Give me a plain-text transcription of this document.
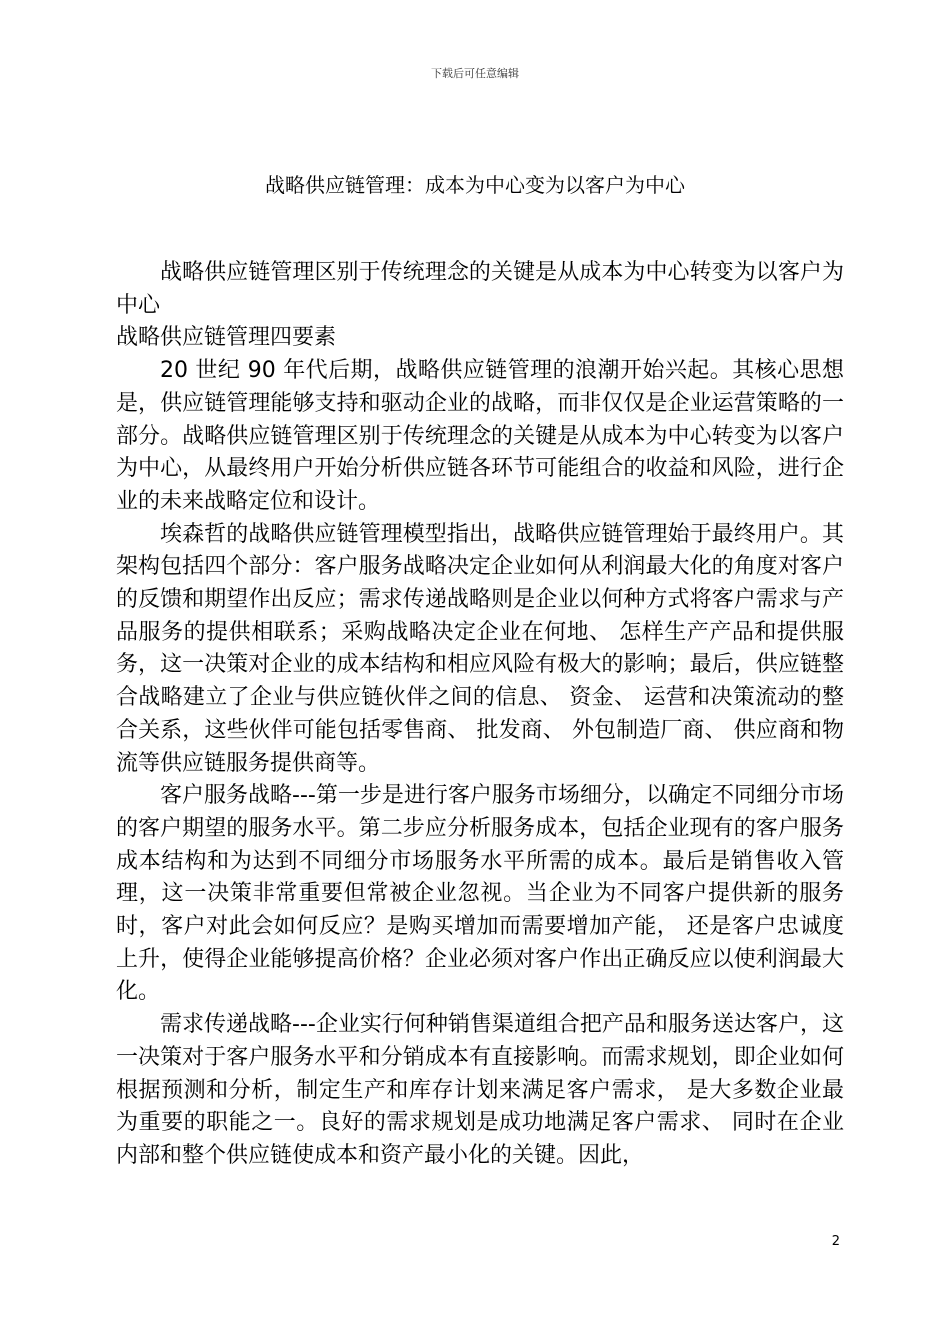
下载后可任意编辑
战略供应链管理：成本为中心变为以客户为中心

战略供应链管理区别于传统理念的关键是从成本为中心转变为以客户为中心

战略供应链管理四要素

20 世纪 90 年代后期，战略供应链管理的浪潮开始兴起。其核心思想是，供应链管理能够支持和驱动企业的战略，而非仅仅是企业运营策略的一部分。战略供应链管理区别于传统理念的关键是从成本为中心转变为以客户为中心，从最终用户开始分析供应链各环节可能组合的收益和风险，进行企业的未来战略定位和设计。

埃森哲的战略供应链管理模型指出，战略供应链管理始于最终用户。其架构包括四个部分：客户服务战略决定企业如何从利润最大化的角度对客户的反馈和期望作出反应；需求传递战略则是企业以何种方式将客户需求与产品服务的提供相联系；采购战略决定企业在何地、 怎样生产产品和提供服务，这一决策对企业的成本结构和相应风险有极大的影响；最后，供应链整合战略建立了企业与供应链伙伴之间的信息、 资金、 运营和决策流动的整合关系，这些伙伴可能包括零售商、 批发商、 外包制造厂商、 供应商和物流等供应链服务提供商等。

客户服务战略---第一步是进行客户服务市场细分，以确定不同细分市场的客户期望的服务水平。第二步应分析服务成本，包括企业现有的客户服务成本结构和为达到不同细分市场服务水平所需的成本。最后是销售收入管理，这一决策非常重要但常被企业忽视。当企业为不同客户提供新的服务时，客户对此会如何反应？是购买增加而需要增加产能， 还是客户忠诚度上升，使得企业能够提高价格？企业必须对客户作出正确反应以使利润最大化。

需求传递战略---企业实行何种销售渠道组合把产品和服务送达客户，这一决策对于客户服务水平和分销成本有直接影响。而需求规划，即企业如何根据预测和分析，制定生产和库存计划来满足客户需求， 是大多数企业最为重要的职能之一。良好的需求规划是成功地满足客户需求、 同时在企业内部和整个供应链使成本和资产最小化的关键。因此，

2
